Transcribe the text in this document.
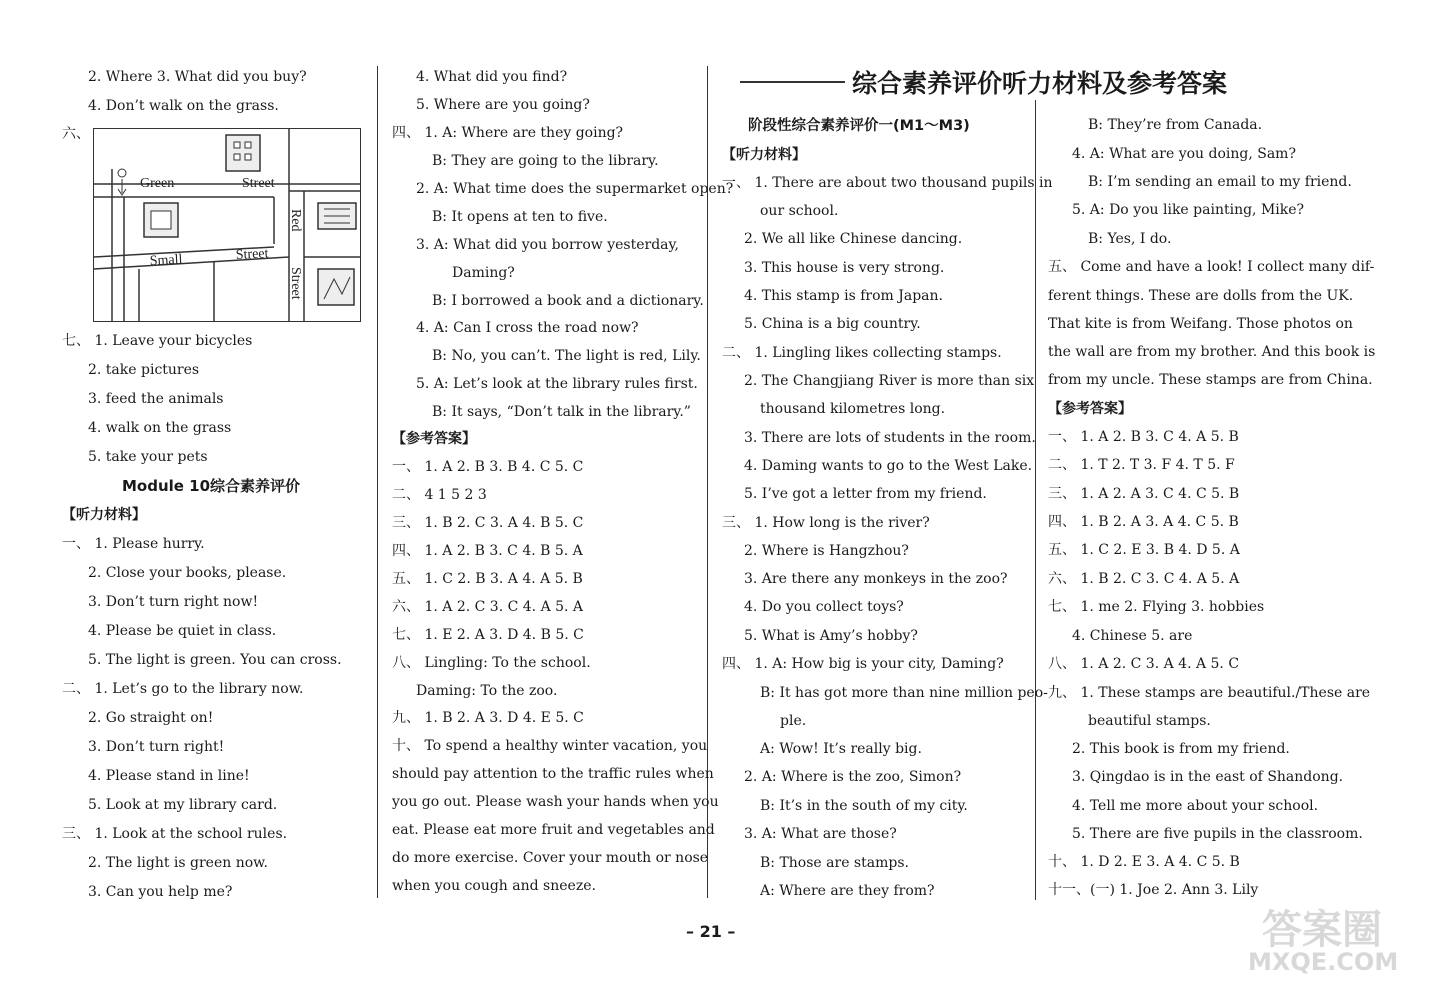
2. Where 3. What did you buy?
4. Don’t walk on the grass.
六、
Green	Street
Red
Small	Street
Street
七、 1. Leave your bicycles
2. take pictures
3. feed the animals
4. walk on the grass
5. take your pets
Module 10综合素养评价
【听力材料】
一、 1. Please hurry.
2. Close your books, please.
3. Don’t turn right now!
4. Please be quiet in class.
5. The light is green. You can cross.
二、 1. Let’s go to the library now.
2. Go straight on!
3. Don’t turn right!
4. Please stand in line!
5. Look at my library card.
三、 1. Look at the school rules.
2. The light is green now.
3. Can you help me?
4. What did you find?
5. Where are you going?
四、 1. A: Where are they going?
B: They are going to the library.
2. A: What time does the supermarket open?
B: It opens at ten to five.
3. A: What did you borrow yesterday,
Daming?
B: I borrowed a book and a dictionary.
4. A: Can I cross the road now?
B: No, you can’t. The light is red, Lily.
5. A: Let’s look at the library rules first.
B: It says, “Don’t talk in the library.”
【参考答案】
一、 1. A 2. B 3. B 4. C 5. C
二、 4 1 5 2 3
三、 1. B 2. C 3. A 4. B 5. C
四、 1. A 2. B 3. C 4. B 5. A
五、 1. C 2. B 3. A 4. A 5. B
六、 1. A 2. C 3. C 4. A 5. A
七、 1. E 2. A 3. D 4. B 5. C
八、 Lingling: To the school.
Daming: To the zoo.
九、 1. B 2. A 3. D 4. E 5. C
十、 To spend a healthy winter vacation, you
should pay attention to the traffic rules when
you go out. Please wash your hands when you
eat. Please eat more fruit and vegetables and
do more exercise. Cover your mouth or nose
when you cough and sneeze.
综合素养评价听力材料及参考答案
阶段性综合素养评价一(M1～M3)
【听力材料】
一、 1. There are about two thousand pupils in
our school.
2. We all like Chinese dancing.
3. This house is very strong.
4. This stamp is from Japan.
5. China is a big country.
二、 1. Lingling likes collecting stamps.
2. The Changjiang River is more than six
thousand kilometres long.
3. There are lots of students in the room.
4. Daming wants to go to the West Lake.
5. I’ve got a letter from my friend.
三、 1. How long is the river?
2. Where is Hangzhou?
3. Are there any monkeys in the zoo?
4. Do you collect toys?
5. What is Amy’s hobby?
四、 1. A: How big is your city, Daming?
B: It has got more than nine million peo-
ple.
A: Wow! It’s really big.
2. A: Where is the zoo, Simon?
B: It’s in the south of my city.
3. A: What are those?
B: Those are stamps.
A: Where are they from?
B: They’re from Canada.
4. A: What are you doing, Sam?
B: I’m sending an email to my friend.
5. A: Do you like painting, Mike?
B: Yes, I do.
五、 Come and have a look! I collect many dif-
ferent things. These are dolls from the UK.
That kite is from Weifang. Those photos on
the wall are from my brother. And this book is
from my uncle. These stamps are from China.
【参考答案】
一、 1. A 2. B 3. C 4. A 5. B
二、 1. T 2. T 3. F 4. T 5. F
三、 1. A 2. A 3. C 4. C 5. B
四、 1. B 2. A 3. A 4. C 5. B
五、 1. C 2. E 3. B 4. D 5. A
六、 1. B 2. C 3. C 4. A 5. A
七、 1. me 2. Flying 3. hobbies
4. Chinese 5. are
八、 1. A 2. C 3. A 4. A 5. C
九、 1. These stamps are beautiful./These are
beautiful stamps.
2. This book is from my friend.
3. Qingdao is in the east of Shandong.
4. Tell me more about your school.
5. There are five pupils in the classroom.
十、 1. D 2. E 3. A 4. C 5. B
十一、(一) 1. Joe 2. Ann 3. Lily
– 21 –	答案圈
MXQE.COM
